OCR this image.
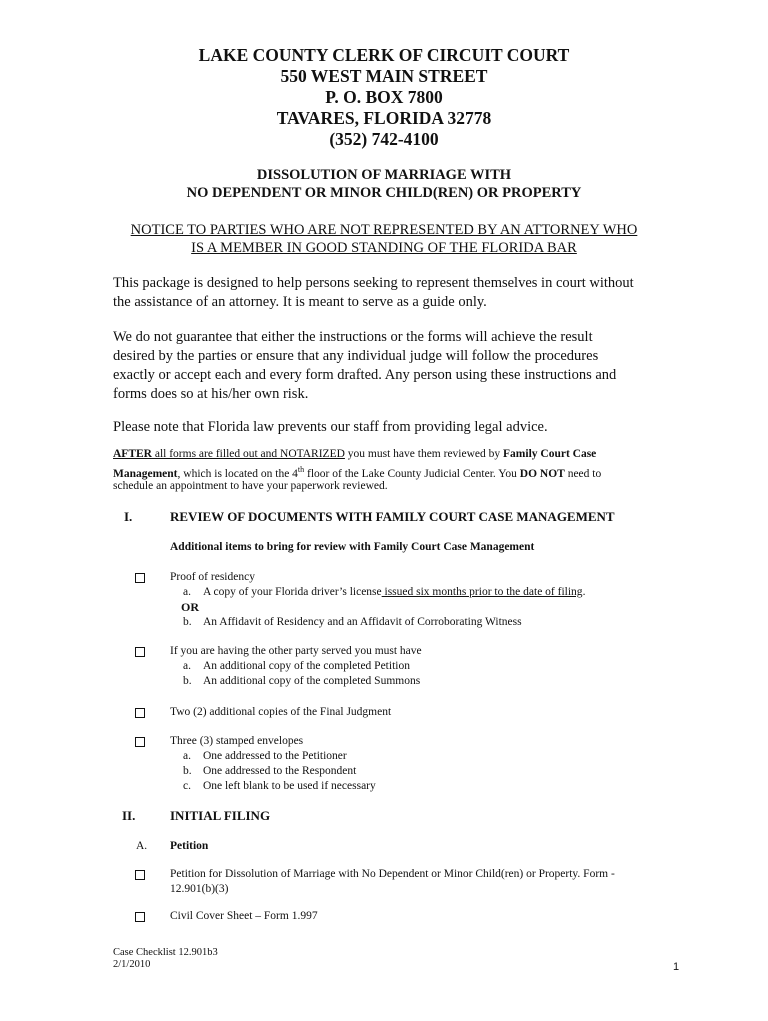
LAKE COUNTY CLERK OF CIRCUIT COURT
550 WEST MAIN STREET
P. O. BOX 7800
TAVARES, FLORIDA 32778
(352) 742-4100
DISSOLUTION OF MARRIAGE WITH
NO DEPENDENT OR MINOR CHILD(REN) OR PROPERTY
NOTICE TO PARTIES WHO ARE NOT REPRESENTED BY AN ATTORNEY WHO
IS A MEMBER IN GOOD STANDING OF THE FLORIDA BAR
This package is designed to help persons seeking to represent themselves in court without
the assistance of an attorney. It is meant to serve as a guide only.
We do not guarantee that either the instructions or the forms will achieve the result
desired by the parties or ensure that any individual judge will follow the procedures
exactly or accept each and every form drafted. Any person using these instructions and
forms does so at his/her own risk.
Please note that Florida law prevents our staff from providing legal advice.
AFTER all forms are filled out and NOTARIZED you must have them reviewed by Family Court Case
Management, which is located on the 4th floor of the Lake County Judicial Center. You DO NOT need to
schedule an appointment to have your paperwork reviewed.
I.	REVIEW OF DOCUMENTS WITH FAMILY COURT CASE MANAGEMENT
Additional items to bring for review with Family Court Case Management
Proof of residency
a. A copy of your Florida driver’s license issued six months prior to the date of filing.
OR
b. An Affidavit of Residency and an Affidavit of Corroborating Witness
If you are having the other party served you must have
a. An additional copy of the completed Petition
b. An additional copy of the completed Summons
Two (2) additional copies of the Final Judgment
Three (3) stamped envelopes
a. One addressed to the Petitioner
b. One addressed to the Respondent
c. One left blank to be used if necessary
II.	INITIAL FILING
A. Petition
Petition for Dissolution of Marriage with No Dependent or Minor Child(ren) or Property. Form -
12.901(b)(3)
Civil Cover Sheet – Form 1.997
Case Checklist 12.901b3
2/1/2010	1
